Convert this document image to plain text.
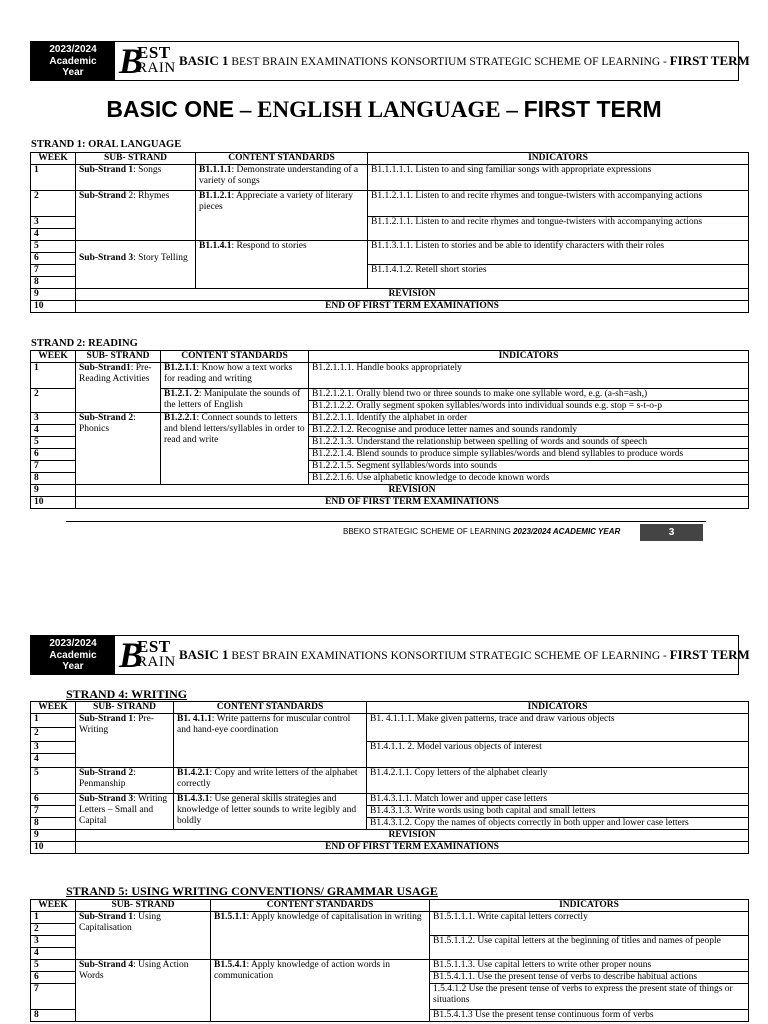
2023/2024
Academic
Year B
EST
RAIN BASIC 1 BEST BRAIN EXAMINATIONS KONSORTIUM STRATEGIC SCHEME OF LEARNING - FIRST TERM
BASIC ONE – ENGLISH LANGUAGE – FIRST TERM
STRAND 1: ORAL LANGUAGE
WEEK	SUB- STRAND	CONTENT STANDARDS	INDICATORS
1	Sub-Strand 1: Songs	B1.1.1.1: Demonstrate understanding of a variety of songs	B1.1.1.1.1. Listen to and sing familiar songs with appropriate expressions
2	Sub-Strand 2: Rhymes	B1.1.2.1: Appreciate a variety of literary pieces	B1.1.2.1.1. Listen to and recite rhymes and tongue-twisters with accompanying actions
3			B1.1.2.1.1. Listen to and recite rhymes and tongue-twisters with accompanying actions
4			
5	Sub-Strand 3: Story Telling	B1.1.4.1: Respond to stories	B1.1.3.1.1. Listen to stories and be able to identify characters with their roles
6			
7			B1.1.4.1.2. Retell short stories
8			
9	REVISION		
10	END OF FIRST TERM EXAMINATIONS		
STRAND 2: READING
WEEK	SUB- STRAND	CONTENT STANDARDS	INDICATORS
1	Sub-Strand1: Pre-Reading Activities	B1.2.1.1: Know how a text works for reading and writing	B1.2.1.1.1. Handle books appropriately
2		B1.2.1. 2: Manipulate the sounds of the letters of English	B1.2.1.2.1. Orally blend two or three sounds to make one syllable word, e.g. (a-sh=ash,)
			B1.2.1.2.2. Orally segment spoken syllables/words into individual sounds e.g. stop = s-t-o-p
3	Sub-Strand 2: Phonics	B1.2.2.1: Connect sounds to letters and blend letters/syllables in order to read and write	B1.2.2.1.1. Identify the alphabet in order
4			B1.2.2.1.2. Recognise and produce letter names and sounds randomly
5			B1.2.2.1.3. Understand the relationship between spelling of words and sounds of speech
6			B1.2.2.1.4. Blend sounds to produce simple syllables/words and blend syllables to produce words
7			B1.2.2.1.5. Segment syllables/words into sounds
8			B1.2.2.1.6. Use alphabetic knowledge to decode known words
9	REVISION		
10	END OF FIRST TERM EXAMINATIONS		
BBEKO STRATEGIC SCHEME OF LEARNING 2023/2024 ACADEMIC YEAR	3
2023/2024
Academic
Year B
EST
RAIN BASIC 1 BEST BRAIN EXAMINATIONS KONSORTIUM STRATEGIC SCHEME OF LEARNING - FIRST TERM
STRAND 4: WRITING
WEEK	SUB- STRAND	CONTENT STANDARDS	INDICATORS
1	Sub-Strand 1: Pre-Writing	B1. 4.1.1: Write patterns for muscular control and hand-eye coordination	B1. 4.1.1.1. Make given patterns, trace and draw various objects
2			
3			B1.4.1.1. 2. Model various objects of interest
4			
5	Sub-Strand 2: Penmanship	B1.4.2.1: Copy and write letters of the alphabet correctly	B1.4.2.1.1. Copy letters of the alphabet clearly
6	Sub-Strand 3: Writing Letters – Small and Capital	B1.4.3.1: Use general skills strategies and knowledge of letter sounds to write legibly and boldly	B1.4.3.1.1. Match lower and upper case letters
7			B1.4.3.1.3. Write words using both capital and small letters
8			B1.4.3.1.2. Copy the names of objects correctly in both upper and lower case letters
9	REVISION		
10	END OF FIRST TERM EXAMINATIONS		
STRAND 5: USING WRITING CONVENTIONS/ GRAMMAR USAGE
WEEK	SUB- STRAND	CONTENT STANDARDS	INDICATORS
1	Sub-Strand 1: Using Capitalisation	B1.5.1.1: Apply knowledge of capitalisation in writing	B1.5.1.1.1. Write capital letters correctly
2			
3			B1.5.1.1.2. Use capital letters at the beginning of titles and names of people
4			
5	Sub-Strand 4: Using Action Words	B1.5.4.1: Apply knowledge of action words in communication	B1.5.1.1.3. Use capital letters to write other proper nouns
6			B1.5.4.1.1. Use the present tense of verbs to describe habitual actions
7			1.5.4.1.2 Use the present tense of verbs to express the present state of things or situations
8			B1.5.4.1.3 Use the present tense continuous form of verbs
